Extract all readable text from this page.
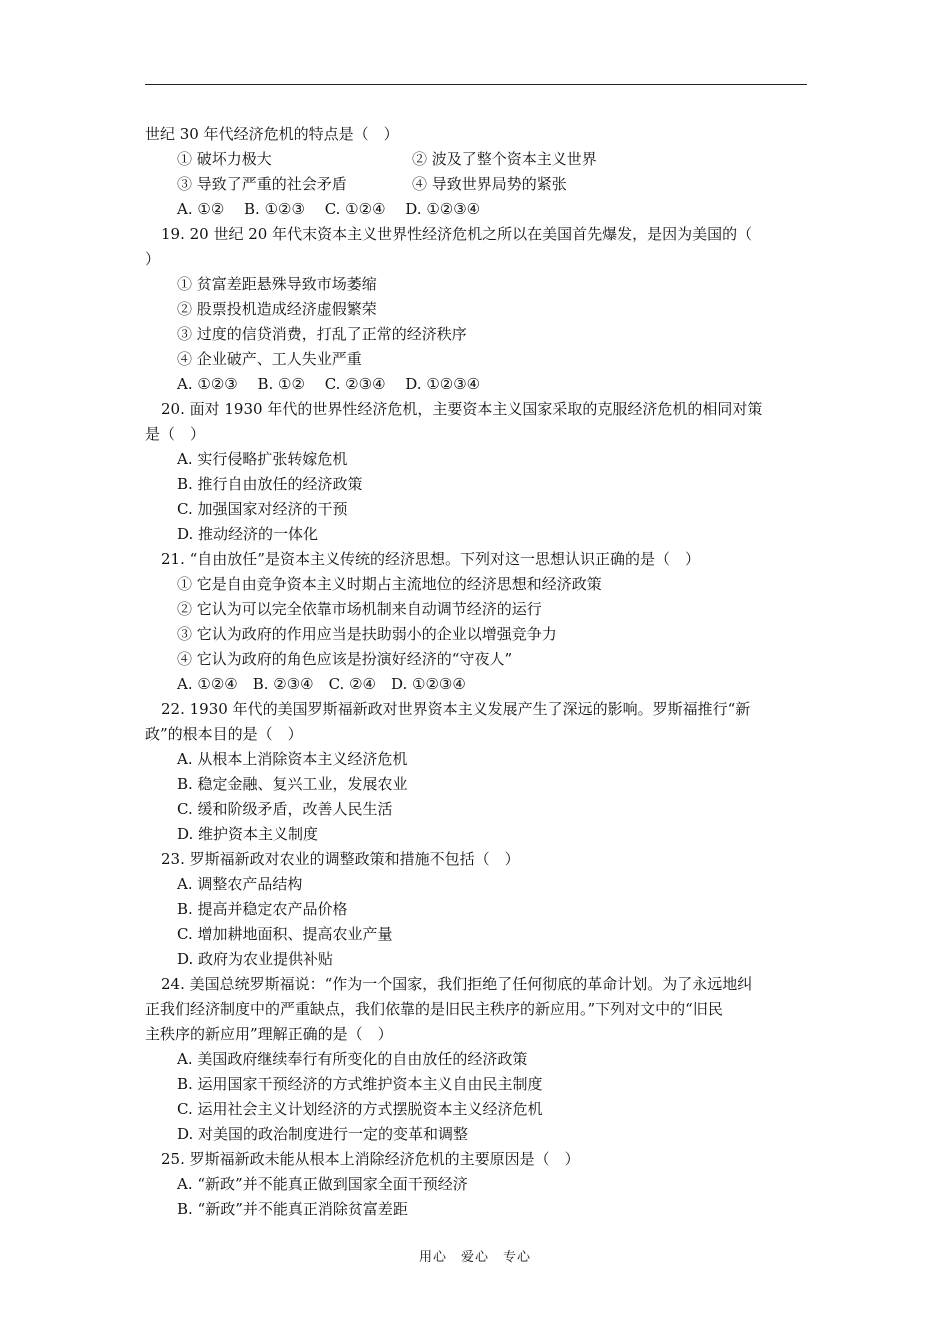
世纪 30 年代经济危机的特点是（　）
① 破坏力极大	② 波及了整个资本主义世界
③ 导致了严重的社会矛盾	④ 导致世界局势的紧张
A. ①②　 B. ①②③　 C. ①②④　 D. ①②③④
19. 20 世纪 20 年代末资本主义世界性经济危机之所以在美国首先爆发，是因为美国的（
）
① 贫富差距悬殊导致市场萎缩
② 股票投机造成经济虚假繁荣
③ 过度的信贷消费，打乱了正常的经济秩序
④ 企业破产、工人失业严重
A. ①②③　 B. ①②　 C. ②③④　 D. ①②③④
20. 面对 1930 年代的世界性经济危机，主要资本主义国家采取的克服经济危机的相同对策
是（　）
A. 实行侵略扩张转嫁危机
B. 推行自由放任的经济政策
C. 加强国家对经济的干预
D. 推动经济的一体化
21. “自由放任”是资本主义传统的经济思想。下列对这一思想认识正确的是（　）
① 它是自由竞争资本主义时期占主流地位的经济思想和经济政策
② 它认为可以完全依靠市场机制来自动调节经济的运行
③ 它认为政府的作用应当是扶助弱小的企业以增强竞争力
④ 它认为政府的角色应该是扮演好经济的“守夜人”
A. ①②④　B. ②③④　C. ②④　D. ①②③④
22. 1930 年代的美国罗斯福新政对世界资本主义发展产生了深远的影响。罗斯福推行“新
政”的根本目的是（　）
A. 从根本上消除资本主义经济危机
B. 稳定金融、复兴工业，发展农业
C. 缓和阶级矛盾，改善人民生活
D. 维护资本主义制度
23. 罗斯福新政对农业的调整政策和措施不包括（　）
A. 调整农产品结构
B. 提高并稳定农产品价格
C. 增加耕地面积、提高农业产量
D. 政府为农业提供补贴
24. 美国总统罗斯福说：“作为一个国家，我们拒绝了任何彻底的革命计划。为了永远地纠
正我们经济制度中的严重缺点，我们依靠的是旧民主秩序的新应用。”下列对文中的“旧民
主秩序的新应用”理解正确的是（　）
A. 美国政府继续奉行有所变化的自由放任的经济政策
B. 运用国家干预经济的方式维护资本主义自由民主制度
C. 运用社会主义计划经济的方式摆脱资本主义经济危机
D. 对美国的政治制度进行一定的变革和调整
25. 罗斯福新政未能从根本上消除经济危机的主要原因是（　）
A. “新政”并不能真正做到国家全面干预经济
B. “新政”并不能真正消除贫富差距
用心　爱心　专心
